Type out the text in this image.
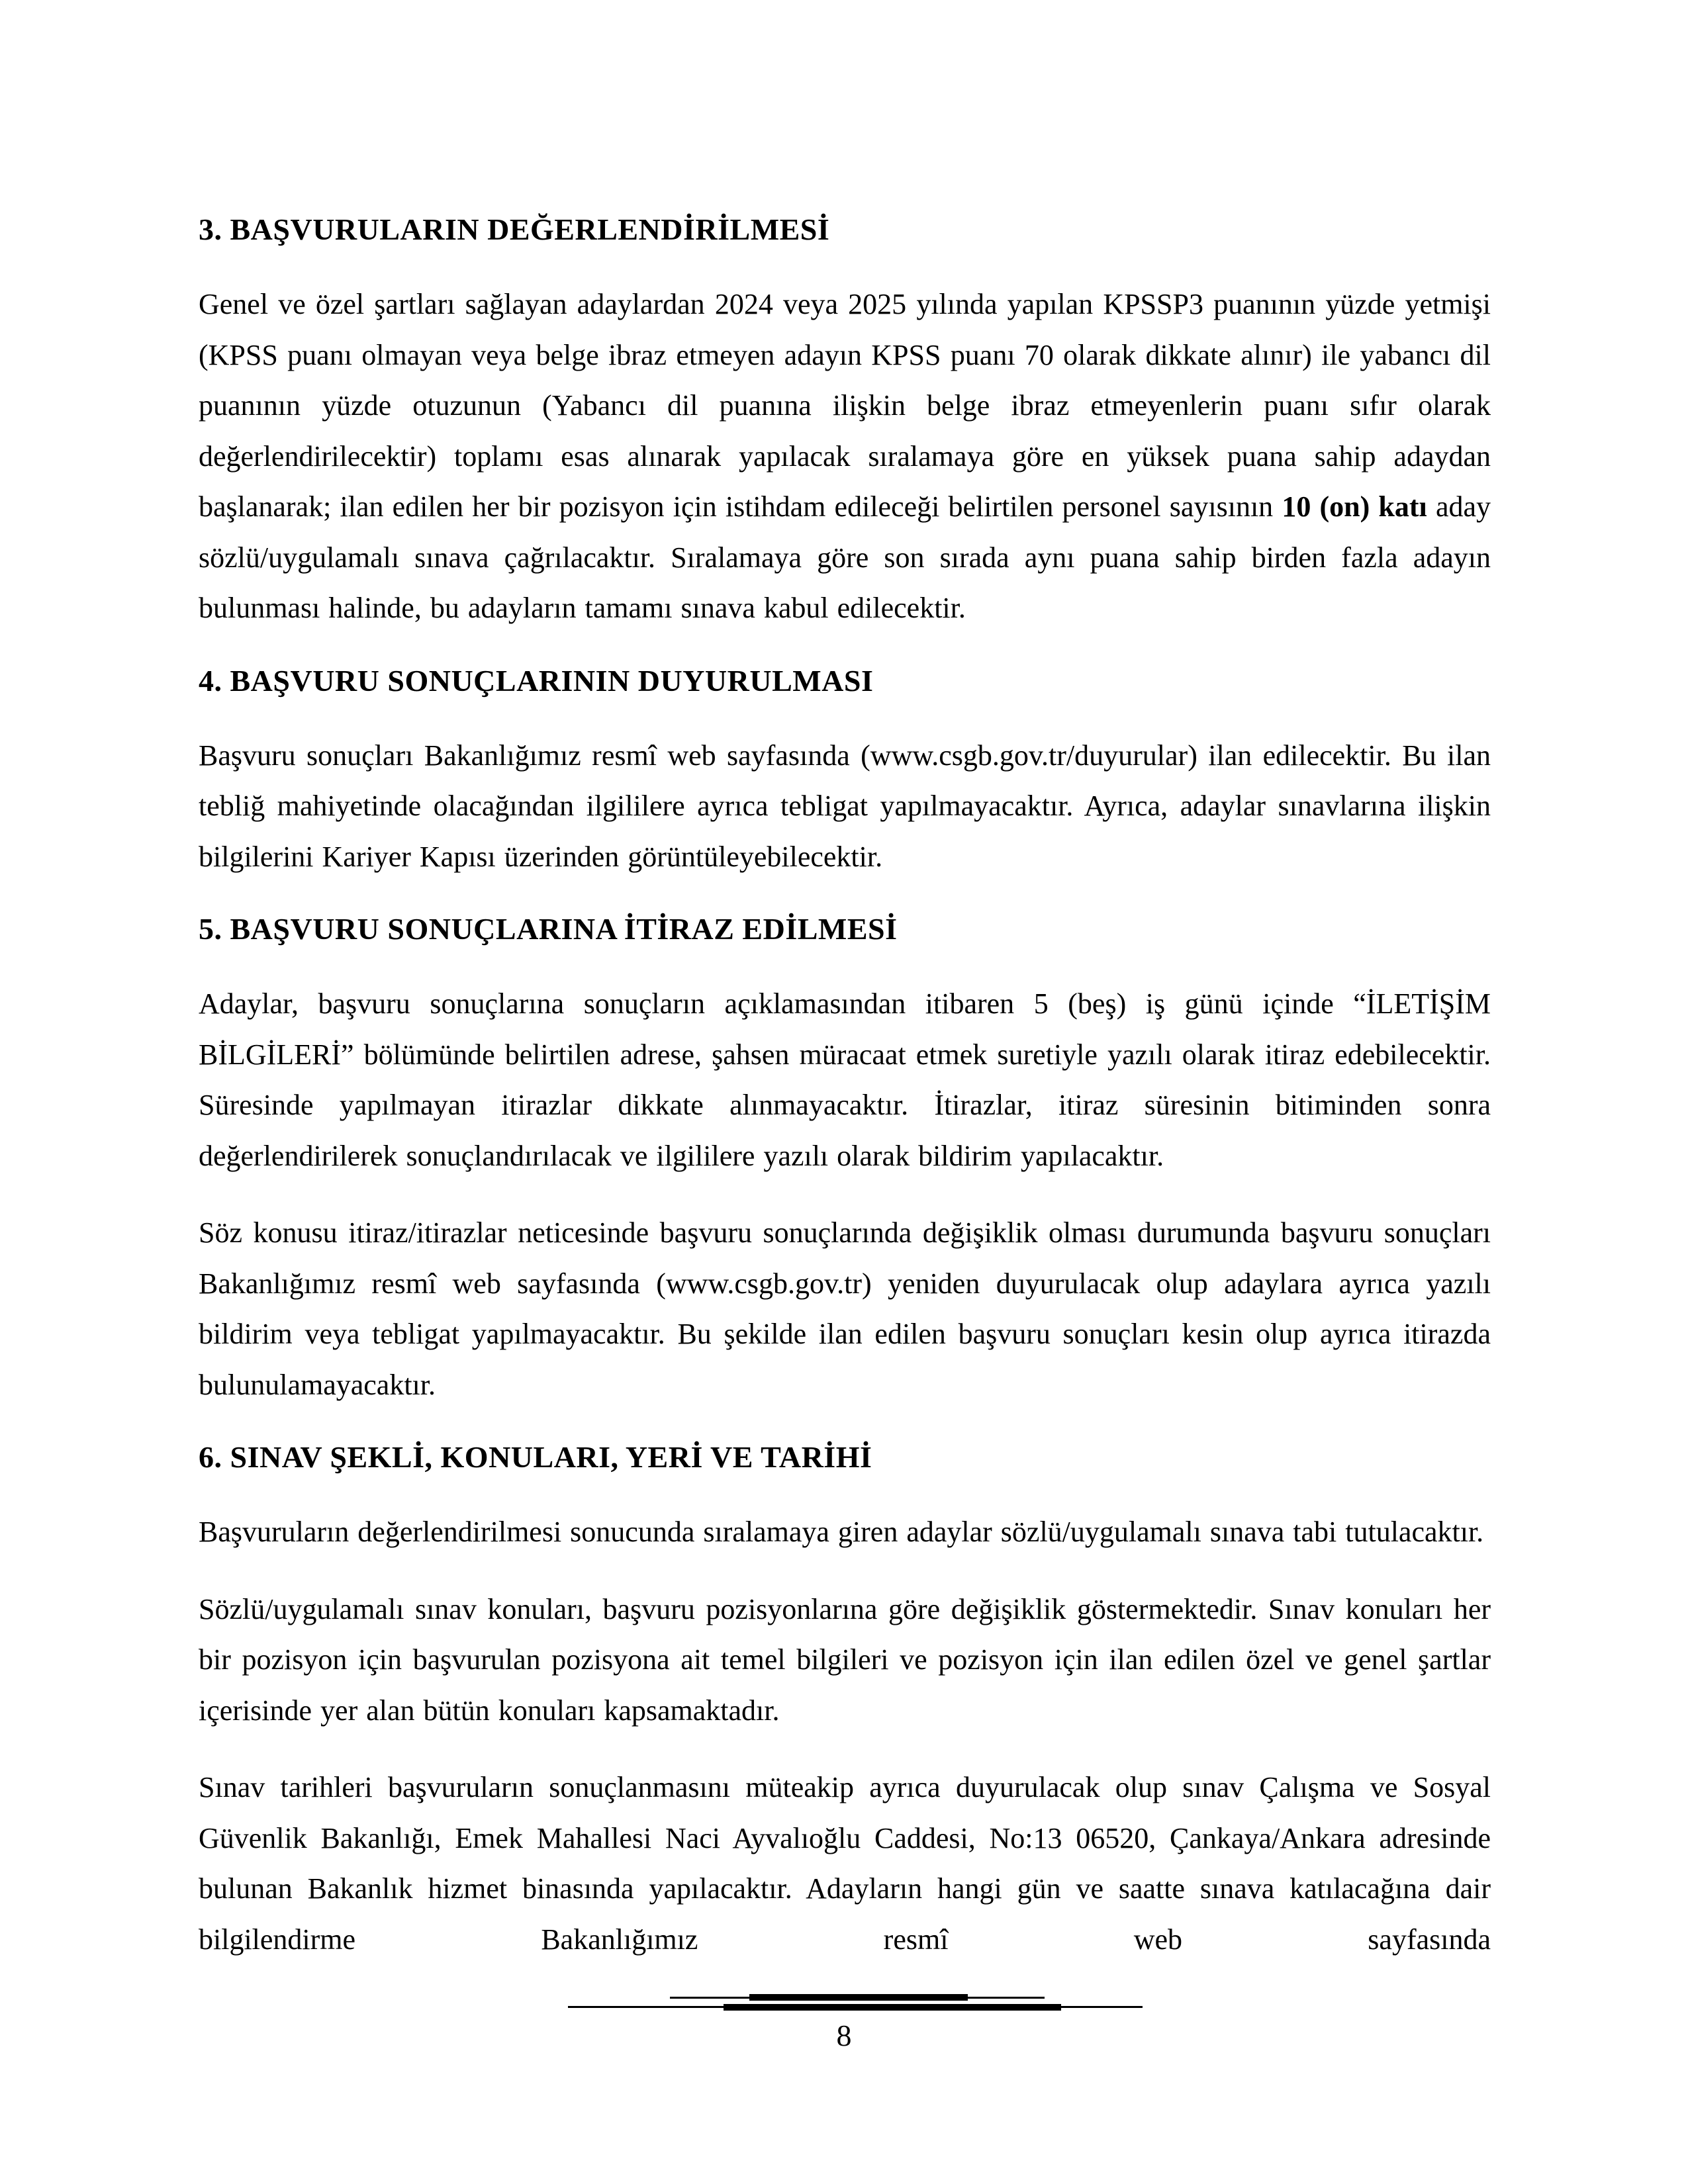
3. BAŞVURULARIN DEĞERLENDİRİLMESİ

Genel ve özel şartları sağlayan adaylardan 2024 veya 2025 yılında yapılan KPSSP3 puanının yüzde yetmişi (KPSS puanı olmayan veya belge ibraz etmeyen adayın KPSS puanı 70 olarak dikkate alınır) ile yabancı dil puanının yüzde otuzunun (Yabancı dil puanına ilişkin belge ibraz etmeyenlerin puanı sıfır olarak değerlendirilecektir) toplamı esas alınarak yapılacak sıralamaya göre en yüksek puana sahip adaydan başlanarak; ilan edilen her bir pozisyon için istihdam edileceği belirtilen personel sayısının 10 (on) katı aday sözlü/uygulamalı sınava çağrılacaktır. Sıralamaya göre son sırada aynı puana sahip birden fazla adayın bulunması halinde, bu adayların tamamı sınava kabul edilecektir.

4. BAŞVURU SONUÇLARININ DUYURULMASI

Başvuru sonuçları Bakanlığımız resmî web sayfasında (www.csgb.gov.tr/duyurular) ilan edilecektir. Bu ilan tebliğ mahiyetinde olacağından ilgililere ayrıca tebligat yapılmayacaktır. Ayrıca, adaylar sınavlarına ilişkin bilgilerini Kariyer Kapısı üzerinden görüntüleyebilecektir.

5. BAŞVURU SONUÇLARINA İTİRAZ EDİLMESİ

Adaylar, başvuru sonuçlarına sonuçların açıklamasından itibaren 5 (beş) iş günü içinde “İLETİŞİM BİLGİLERİ” bölümünde belirtilen adrese, şahsen müracaat etmek suretiyle yazılı olarak itiraz edebilecektir. Süresinde yapılmayan itirazlar dikkate alınmayacaktır. İtirazlar, itiraz süresinin bitiminden sonra değerlendirilerek sonuçlandırılacak ve ilgililere yazılı olarak bildirim yapılacaktır.

Söz konusu itiraz/itirazlar neticesinde başvuru sonuçlarında değişiklik olması durumunda başvuru sonuçları Bakanlığımız resmî web sayfasında (www.csgb.gov.tr) yeniden duyurulacak olup adaylara ayrıca yazılı bildirim veya tebligat yapılmayacaktır. Bu şekilde ilan edilen başvuru sonuçları kesin olup ayrıca itirazda bulunulamayacaktır.

6. SINAV ŞEKLİ, KONULARI, YERİ VE TARİHİ

Başvuruların değerlendirilmesi sonucunda sıralamaya giren adaylar sözlü/uygulamalı sınava tabi tutulacaktır.

Sözlü/uygulamalı sınav konuları, başvuru pozisyonlarına göre değişiklik göstermektedir. Sınav konuları her bir pozisyon için başvurulan pozisyona ait temel bilgileri ve pozisyon için ilan edilen özel ve genel şartlar içerisinde yer alan bütün konuları kapsamaktadır.

Sınav tarihleri başvuruların sonuçlanmasını müteakip ayrıca duyurulacak olup sınav Çalışma ve Sosyal Güvenlik Bakanlığı, Emek Mahallesi Naci Ayvalıoğlu Caddesi, No:13 06520, Çankaya/Ankara adresinde bulunan Bakanlık hizmet binasında yapılacaktır. Adayların hangi gün ve saatte sınava katılacağına dair bilgilendirme Bakanlığımız resmî web sayfasında

8
